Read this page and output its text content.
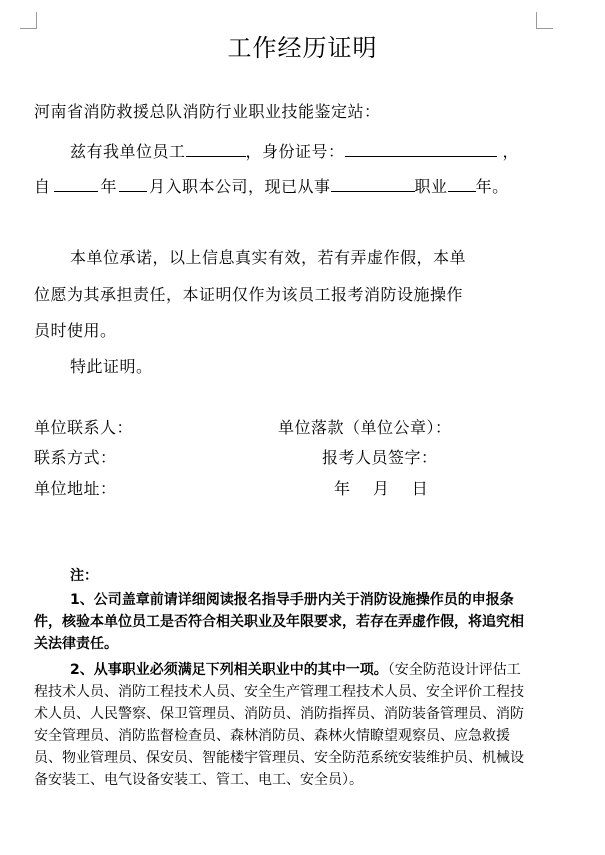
工作经历证明
河南省消防救援总队消防行业职业技能鉴定站：
兹有我单位员工	，身份证号：	，
自	年 月入职本公司，现已从事	职业 年。
本单位承诺，以上信息真实有效，若有弄虚作假，本单
位愿为其承担责任，本证明仅作为该员工报考消防设施操作
员时使用。
特此证明。
单位联系人：	单位落款（单位公章）：
联系方式：	报考人员签字：
单位地址：	年    月    日
注：

1、公司盖章前请详细阅读报名指导手册内关于消防设施操作员的申报条件，核验本单位员工是否符合相关职业及年限要求，若存在弄虚作假，将追究相关法律责任。

2、从事职业必须满足下列相关职业中的其中一项。（安全防范设计评估工程技术人员、消防工程技术人员、安全生产管理工程技术人员、安全评价工程技术人员、人民警察、保卫管理员、消防员、消防指挥员、消防装备管理员、消防安全管理员、消防监督检查员、森林消防员、森林火情瞭望观察员、应急救援员、物业管理员、保安员、智能楼宇管理员、安全防范系统安装维护员、机械设备安装工、电气设备安装工、管工、电工、安全员）。
